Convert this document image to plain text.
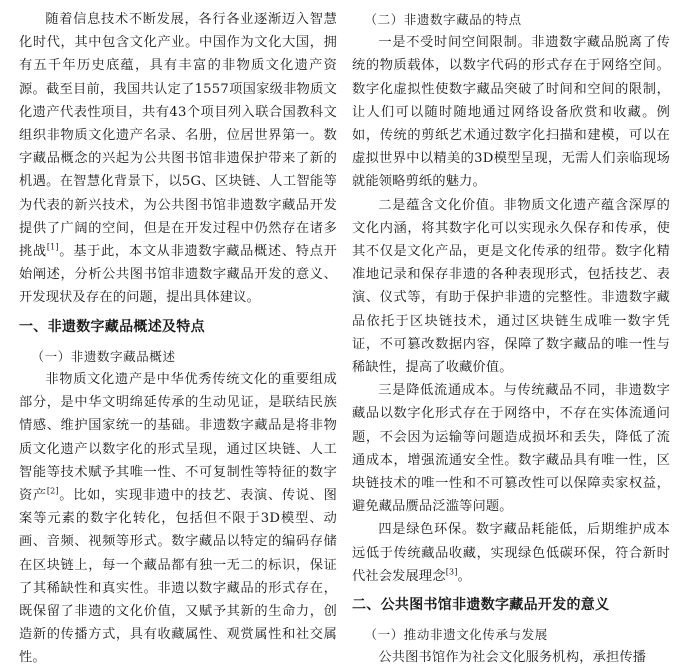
随着信息技术不断发展，各行各业逐渐迈入智慧化时代，其中包含文化产业。中国作为文化大国，拥有五千年历史底蕴，具有丰富的非物质文化遗产资源。截至目前，我国共认定了1557项国家级非物质文化遗产代表性项目，共有43个项目列入联合国教科文组织非物质文化遗产名录、名册，位居世界第一。数字藏品概念的兴起为公共图书馆非遗保护带来了新的机遇。在智慧化背景下，以5G、区块链、人工智能等为代表的新兴技术，为公共图书馆非遗数字藏品开发提供了广阔的空间，但是在开发过程中仍然存在诸多挑战[1]。基于此，本文从非遗数字藏品概述、特点开始阐述，分析公共图书馆非遗数字藏品开发的意义、开发现状及存在的问题，提出具体建议。

一、非遗数字藏品概述及特点
（一）非遗数字藏品概述

非物质文化遗产是中华优秀传统文化的重要组成部分，是中华文明绵延传承的生动见证，是联结民族情感、维护国家统一的基础。非遗数字藏品是将非物质文化遗产以数字化的形式呈现，通过区块链、人工智能等技术赋予其唯一性、不可复制性等特征的数字资产[2]。比如，实现非遗中的技艺、表演、传说、图案等元素的数字化转化，包括但不限于3D模型、动画、音频、视频等形式。数字藏品以特定的编码存储在区块链上，每一个藏品都有独一无二的标识，保证了其稀缺性和真实性。非遗以数字藏品的形式存在，既保留了非遗的文化价值，又赋予其新的生命力，创造新的传播方式，具有收藏属性、观赏属性和社交属性。

（二）非遗数字藏品的特点

一是不受时间空间限制。非遗数字藏品脱离了传统的物质载体，以数字代码的形式存在于网络空间。数字化虚拟性使数字藏品突破了时间和空间的限制，让人们可以随时随地通过网络设备欣赏和收藏。例如，传统的剪纸艺术通过数字化扫描和建模，可以在虚拟世界中以精美的3D模型呈现，无需人们亲临现场就能领略剪纸的魅力。

二是蕴含文化价值。非物质文化遗产蕴含深厚的文化内涵，将其数字化可以实现永久保存和传承，使其不仅是文化产品，更是文化传承的纽带。数字化精准地记录和保存非遗的各种表现形式，包括技艺、表演、仪式等，有助于保护非遗的完整性。非遗数字藏品依托于区块链技术，通过区块链生成唯一数字凭证，不可篡改数据内容，保障了数字藏品的唯一性与稀缺性，提高了收藏价值。

三是降低流通成本。与传统藏品不同，非遗数字藏品以数字化形式存在于网络中，不存在实体流通问题，不会因为运输等问题造成损坏和丢失，降低了流通成本，增强流通安全性。数字藏品具有唯一性，区块链技术的唯一性和不可篡改性可以保障卖家权益，避免藏品赝品泛滥等问题。

四是绿色环保。数字藏品耗能低，后期维护成本远低于传统藏品收藏，实现绿色低碳环保，符合新时代社会发展理念[3]。

二、公共图书馆非遗数字藏品开发的意义
（一）推动非遗文化传承与发展

公共图书馆作为社会文化服务机构，承担传播
